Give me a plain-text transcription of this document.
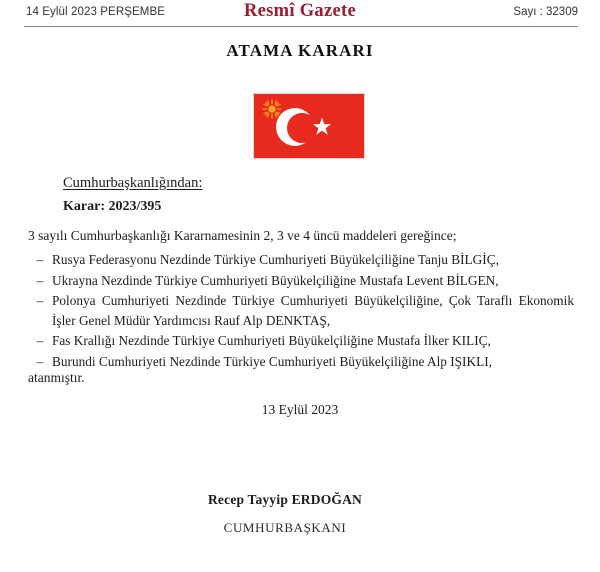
14 Eylül 2023 PERŞEMBE	Resmî Gazete	Sayı : 32309
ATAMA KARARI
Cumhurbaşkanlığından:
Karar: 2023/395
3 sayılı Cumhurbaşkanlığı Kararnamesinin 2, 3 ve 4 üncü maddeleri gereğince;
– Rusya Federasyonu Nezdinde Türkiye Cumhuriyeti Büyükelçiliğine Tanju BİLGİÇ,
– Ukrayna Nezdinde Türkiye Cumhuriyeti Büyükelçiliğine Mustafa Levent BİLGEN,
– Polonya Cumhuriyeti Nezdinde Türkiye Cumhuriyeti Büyükelçiliğine, Çok Taraflı Ekonomik İşler Genel Müdür Yardımcısı Rauf Alp DENKTAŞ,
– Fas Krallığı Nezdinde Türkiye Cumhuriyeti Büyükelçiliğine Mustafa İlker KILIÇ,
– Burundi Cumhuriyeti Nezdinde Türkiye Cumhuriyeti Büyükelçiliğine Alp IŞIKLI,
atanmıştır.
13 Eylül 2023
Recep Tayyip ERDOĞAN
CUMHURBAŞKANI
